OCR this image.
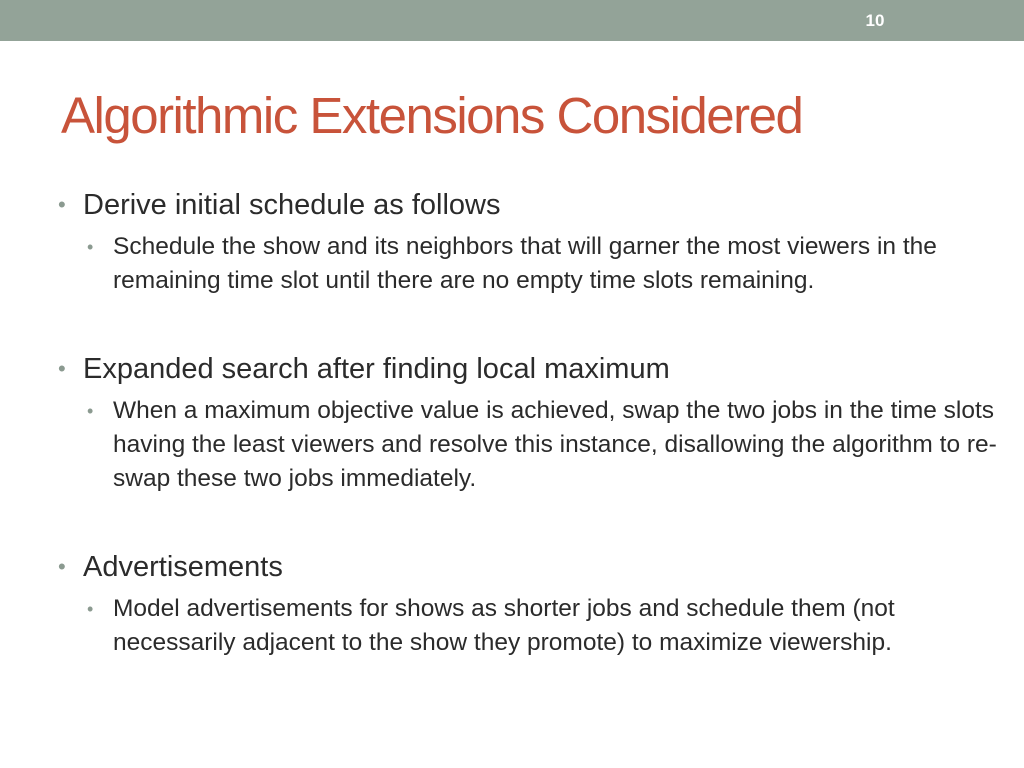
10
Algorithmic Extensions Considered
• Derive initial schedule as follows
• Schedule the show and its neighbors that will garner the most viewers in the remaining time slot until there are no empty time slots remaining.
• Expanded search after finding local maximum
• When a maximum objective value is achieved, swap the two jobs in the time slots having the least viewers and resolve this instance, disallowing the algorithm to re-swap these two jobs immediately.
• Advertisements
• Model advertisements for shows as shorter jobs and schedule them (not necessarily adjacent to the show they promote) to maximize viewership.
